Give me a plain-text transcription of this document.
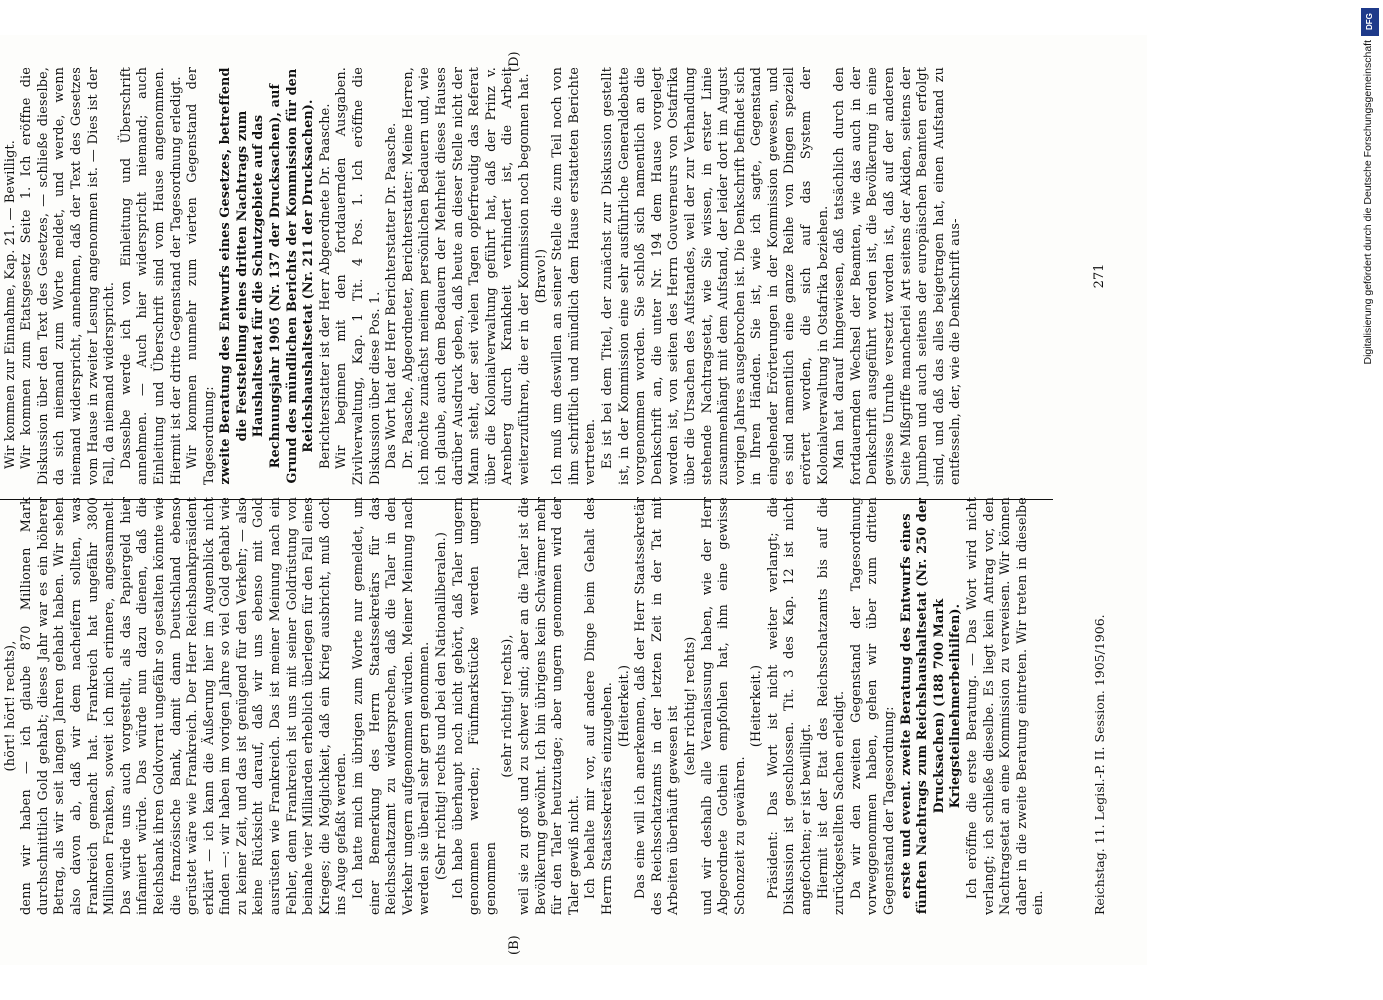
(B)
(D)

(hört! hört! rechts), denn wir haben — ich glaube 870 Millionen Mark durchschnittlich Gold gehabt; dieses Jahr war es ein höherer Betrag, als wir seit langen Jahren gehabt haben. Wir sehen also davon ab, daß wir dem nacheifern sollten, was Frankreich gemacht hat. Frankreich hat ungefähr 3800 Millionen Franken, soweit ich mich erinnere, angesammelt. Das würde uns auch vorgestellt, als das Papiergeld hier infamiert würde. Das würde nun dazu dienen, daß die Reichsbank ihren Goldvorrat ungefähr so gestalten könnte wie die französische Bank, damit dann Deutschland ebenso gerüstet wäre wie Frankreich. Der Herr Reichsbankpräsident erklärt — ich kann die Äußerung hier im Augenblick nicht finden —: wir haben im vorigen Jahre so viel Gold gehabt wie zu keiner Zeit, und das ist genügend für den Verkehr; — also keine Rücksicht darauf, daß wir uns ebenso mit Gold ausrüsten wie Frankreich. Das ist meiner Meinung nach ein Fehler, denn Frankreich ist uns mit seiner Goldrüstung von beinahe vier Milliarden erheblich überlegen für den Fall eines Krieges; die Möglichkeit, daß ein Krieg ausbricht, muß doch ins Auge gefaßt werden. Ich hatte mich im übrigen zum Worte nur gemeldet, um einer Bemerkung des Herrn Staatssekretärs für das Reichsschatzamt zu widersprechen, daß die Taler in den Verkehr ungern aufgenommen würden. Meiner Meinung nach werden sie überall sehr gern genommen. (Sehr richtig! rechts und bei den Nationalliberalen.) Ich habe überhaupt noch nicht gehört, daß Taler ungern genommen werden; Fünfmarkstücke werden ungern genommen

(sehr richtig! rechts), weil sie zu groß und zu schwer sind; aber an die Taler ist die Bevölkerung gewöhnt. Ich bin übrigens kein Schwärmer mehr für den Taler heutzutage; aber ungern genommen wird der Taler gewiß nicht. Ich behalte mir vor, auf andere Dinge beim Gehalt des Herrn Staatssekretärs einzugehen. (Heiterkeit.) Das eine will ich anerkennen, daß der Herr Staatssekretär des Reichsschatzamts in der letzten Zeit in der Tat mit Arbeiten überhäuft gewesen ist (sehr richtig! rechts) und wir deshalb alle Veranlassung haben, wie der Herr Abgeordnete Gothein empfohlen hat, ihm eine gewisse Schonzeit zu gewähren.

(Heiterkeit.) Präsident: Das Wort ist nicht weiter verlangt; die Diskussion ist geschlossen. Tit. 3 des Kap. 12 ist nicht angefochten; er ist bewilligt. Hiermit ist der Etat des Reichsschatzamts bis auf die zurückgestellten Sachen erledigt. Da wir den zweiten Gegenstand der Tagesordnung vorweggenommen haben, gehen wir über zum dritten Gegenstand der Tagesordnung: erste und event. zweite Beratung des Entwurfs eines fünften Nachtrags zum Reichshaushaltsetat (Nr. 250 der Drucksachen) (188 700 Mark Kriegsteilnehmerbeihilfen). Ich eröffne die erste Beratung. — Das Wort wird nicht verlangt; ich schließe dieselbe. Es liegt kein Antrag vor, den Nachtragsetat an eine Kommission zu verweisen. Wir können daher in die zweite Beratung eintreten. Wir treten in dieselbe ein.

Wir kommen zur Einnahme, Kap. 21. — Bewilligt. Wir kommen zum Etatsgesetz Seite 1. Ich eröffne die Diskussion über den Text des Gesetzes, — schließe dieselbe, da sich niemand zum Worte meldet, und werde, wenn niemand widerspricht, annehmen, daß der Text des Gesetzes vom Hause in zweiter Lesung angenommen ist. — Dies ist der Fall, da niemand widerspricht. Dasselbe werde ich von Einleitung und Überschrift annehmen. — Auch hier widerspricht niemand; auch Einleitung und Überschrift sind vom Hause angenommen. Hiermit ist der dritte Gegenstand der Tagesordnung erledigt. Wir kommen nunmehr zum vierten Gegenstand der Tagesordnung: zweite Beratung des Entwurfs eines Gesetzes, betreffend die Feststellung eines dritten Nachtrags zum Haushaltsetat für die Schutzgebiete auf das Rechnungsjahr 1905 (Nr. 137 der Drucksachen), auf Grund des mündlichen Berichts der Kommission für den Reichshaushaltsetat (Nr. 211 der Drucksachen). Berichterstatter ist der Herr Abgeordnete Dr. Paasche. Wir beginnen mit den fortdauernden Ausgaben. Zivilverwaltung, Kap. 1 Tit. 4 Pos. 1. Ich eröffne die Diskussion über diese Pos. 1. Das Wort hat der Herr Berichterstatter Dr. Paasche. Dr. Paasche, Abgeordneter, Berichterstatter: Meine Herren, ich möchte zunächst meinem persönlichen Bedauern und, wie ich glaube, auch dem Bedauern der Mehrheit dieses Hauses darüber Ausdruck geben, daß heute an dieser Stelle nicht der Mann steht, der seit vielen Tagen opferfreudig das Referat über die Kolonialverwaltung geführt hat, daß der Prinz v. Arenberg durch Krankheit verhindert ist, die Arbeit weiterzuführen, die er in der Kommission noch begonnen hat. (Bravo!) Ich muß um deswillen an seiner Stelle die zum Teil noch von ihm schriftlich und mündlich dem Hause erstatteten Berichte vertreten. Es ist bei dem Titel, der zunächst zur Diskussion gestellt ist, in der Kommission eine sehr ausführliche Generaldebatte vorgenommen worden. Sie schloß sich namentlich an die Denkschrift an, die unter Nr. 194 dem Hause vorgelegt worden ist, von seiten des Herrn Gouverneurs von Ostafrika über die Ursachen des Aufstandes, weil der zur Verhandlung stehende Nachtragsetat, wie Sie wissen, in erster Linie zusammenhängt mit dem Aufstand, der leider dort im August vorigen Jahres ausgebrochen ist. Die Denkschrift befindet sich in Ihren Händen. Sie ist, wie ich sagte, Gegenstand eingehender Erörterungen in der Kommission gewesen, und es sind namentlich eine ganze Reihe von Dingen speziell erörtert worden, die sich auf das System der Kolonialverwaltung in Ostafrika beziehen. Man hat darauf hingewiesen, daß tatsächlich durch den fortdauernden Wechsel der Beamten, wie das auch in der Denkschrift ausgeführt worden ist, die Bevölkerung in eine gewisse Unruhe versetzt worden ist, daß auf der anderen Seite Mißgriffe mancherlei Art seitens der Akiden, seitens der Jumben und auch seitens der europäischen Beamten erfolgt sind, und daß das alles beigetragen hat, einen Aufstand zu entfesseln, der, wie die Denkschrift aus-

Reichstag. 11. Legisl.-P. II. Session. 1905/1906.
271
DFG
Digitalisierung gefördert durch die Deutsche Forschungsgemeinschaft
